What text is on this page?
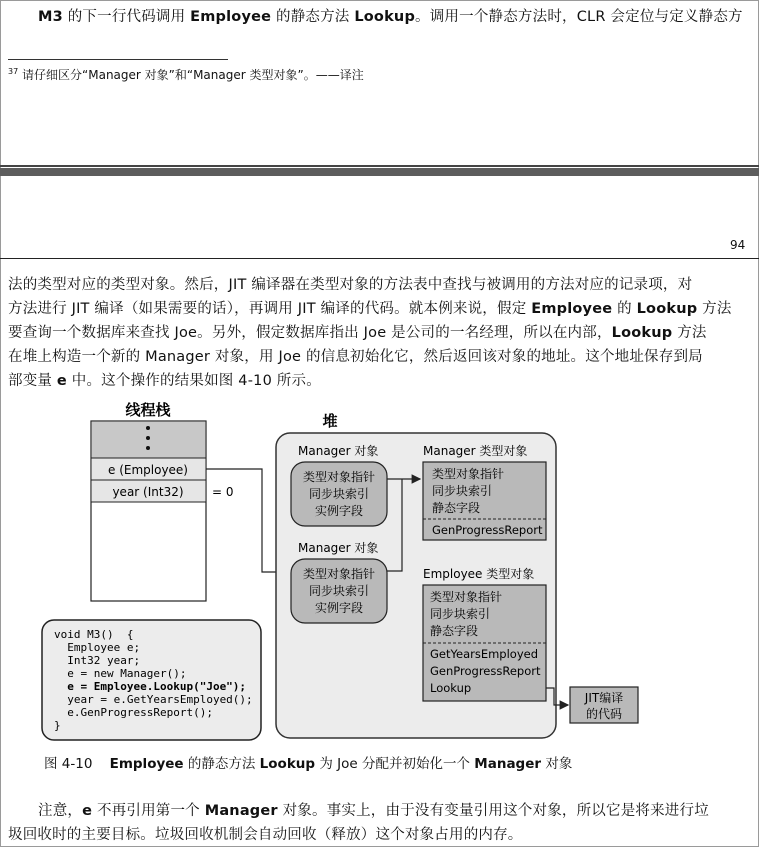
M3 的下一行代码调用 Employee 的静态方法 Lookup。调用一个静态方法时，CLR 会定位与定义静态方
$^{37}$ 请仔细区分“Manager 对象”和“Manager 类型对象”。——译注
94
法的类型对应的类型对象。然后，JIT 编译器在类型对象的方法表中查找与被调用的方法对应的记录项，对
方法进行 JIT 编译（如果需要的话），再调用 JIT 编译的代码。就本例来说，假定 Employee 的 Lookup 方法
要查询一个数据库来查找 Joe。另外，假定数据库指出 Joe 是公司的一名经理，所以在内部，Lookup 方法
在堆上构造一个新的 Manager 对象，用 Joe 的信息初始化它，然后返回该对象的地址。这个地址保存到局
部变量 e 中。这个操作的结果如图 4-10 所示。
线程栈
e (Employee)
year (Int32) = 0
堆
Manager 对象
类型对象指针
同步块索引
实例字段
Manager 对象
类型对象指针
同步块索引
实例字段
Manager 类型对象
类型对象指针
同步块索引
静态字段
GenProgressReport
Employee 类型对象
类型对象指针
同步块索引
静态字段
GetYearsEmployed
GenProgressReport
Lookup
JIT编译
的代码
void M3()  {
Employee e;
Int32 year;
e = new Manager();
e = Employee.Lookup("Joe");
year = e.GetYearsEmployed();
e.GenProgressReport();
}
图 4-10 Employee 的静态方法 Lookup 为 Joe 分配并初始化一个 Manager 对象
注意，e 不再引用第一个 Manager 对象。事实上，由于没有变量引用这个对象，所以它是将来进行垃
圾回收时的主要目标。垃圾回收机制会自动回收（释放）这个对象占用的内存。
